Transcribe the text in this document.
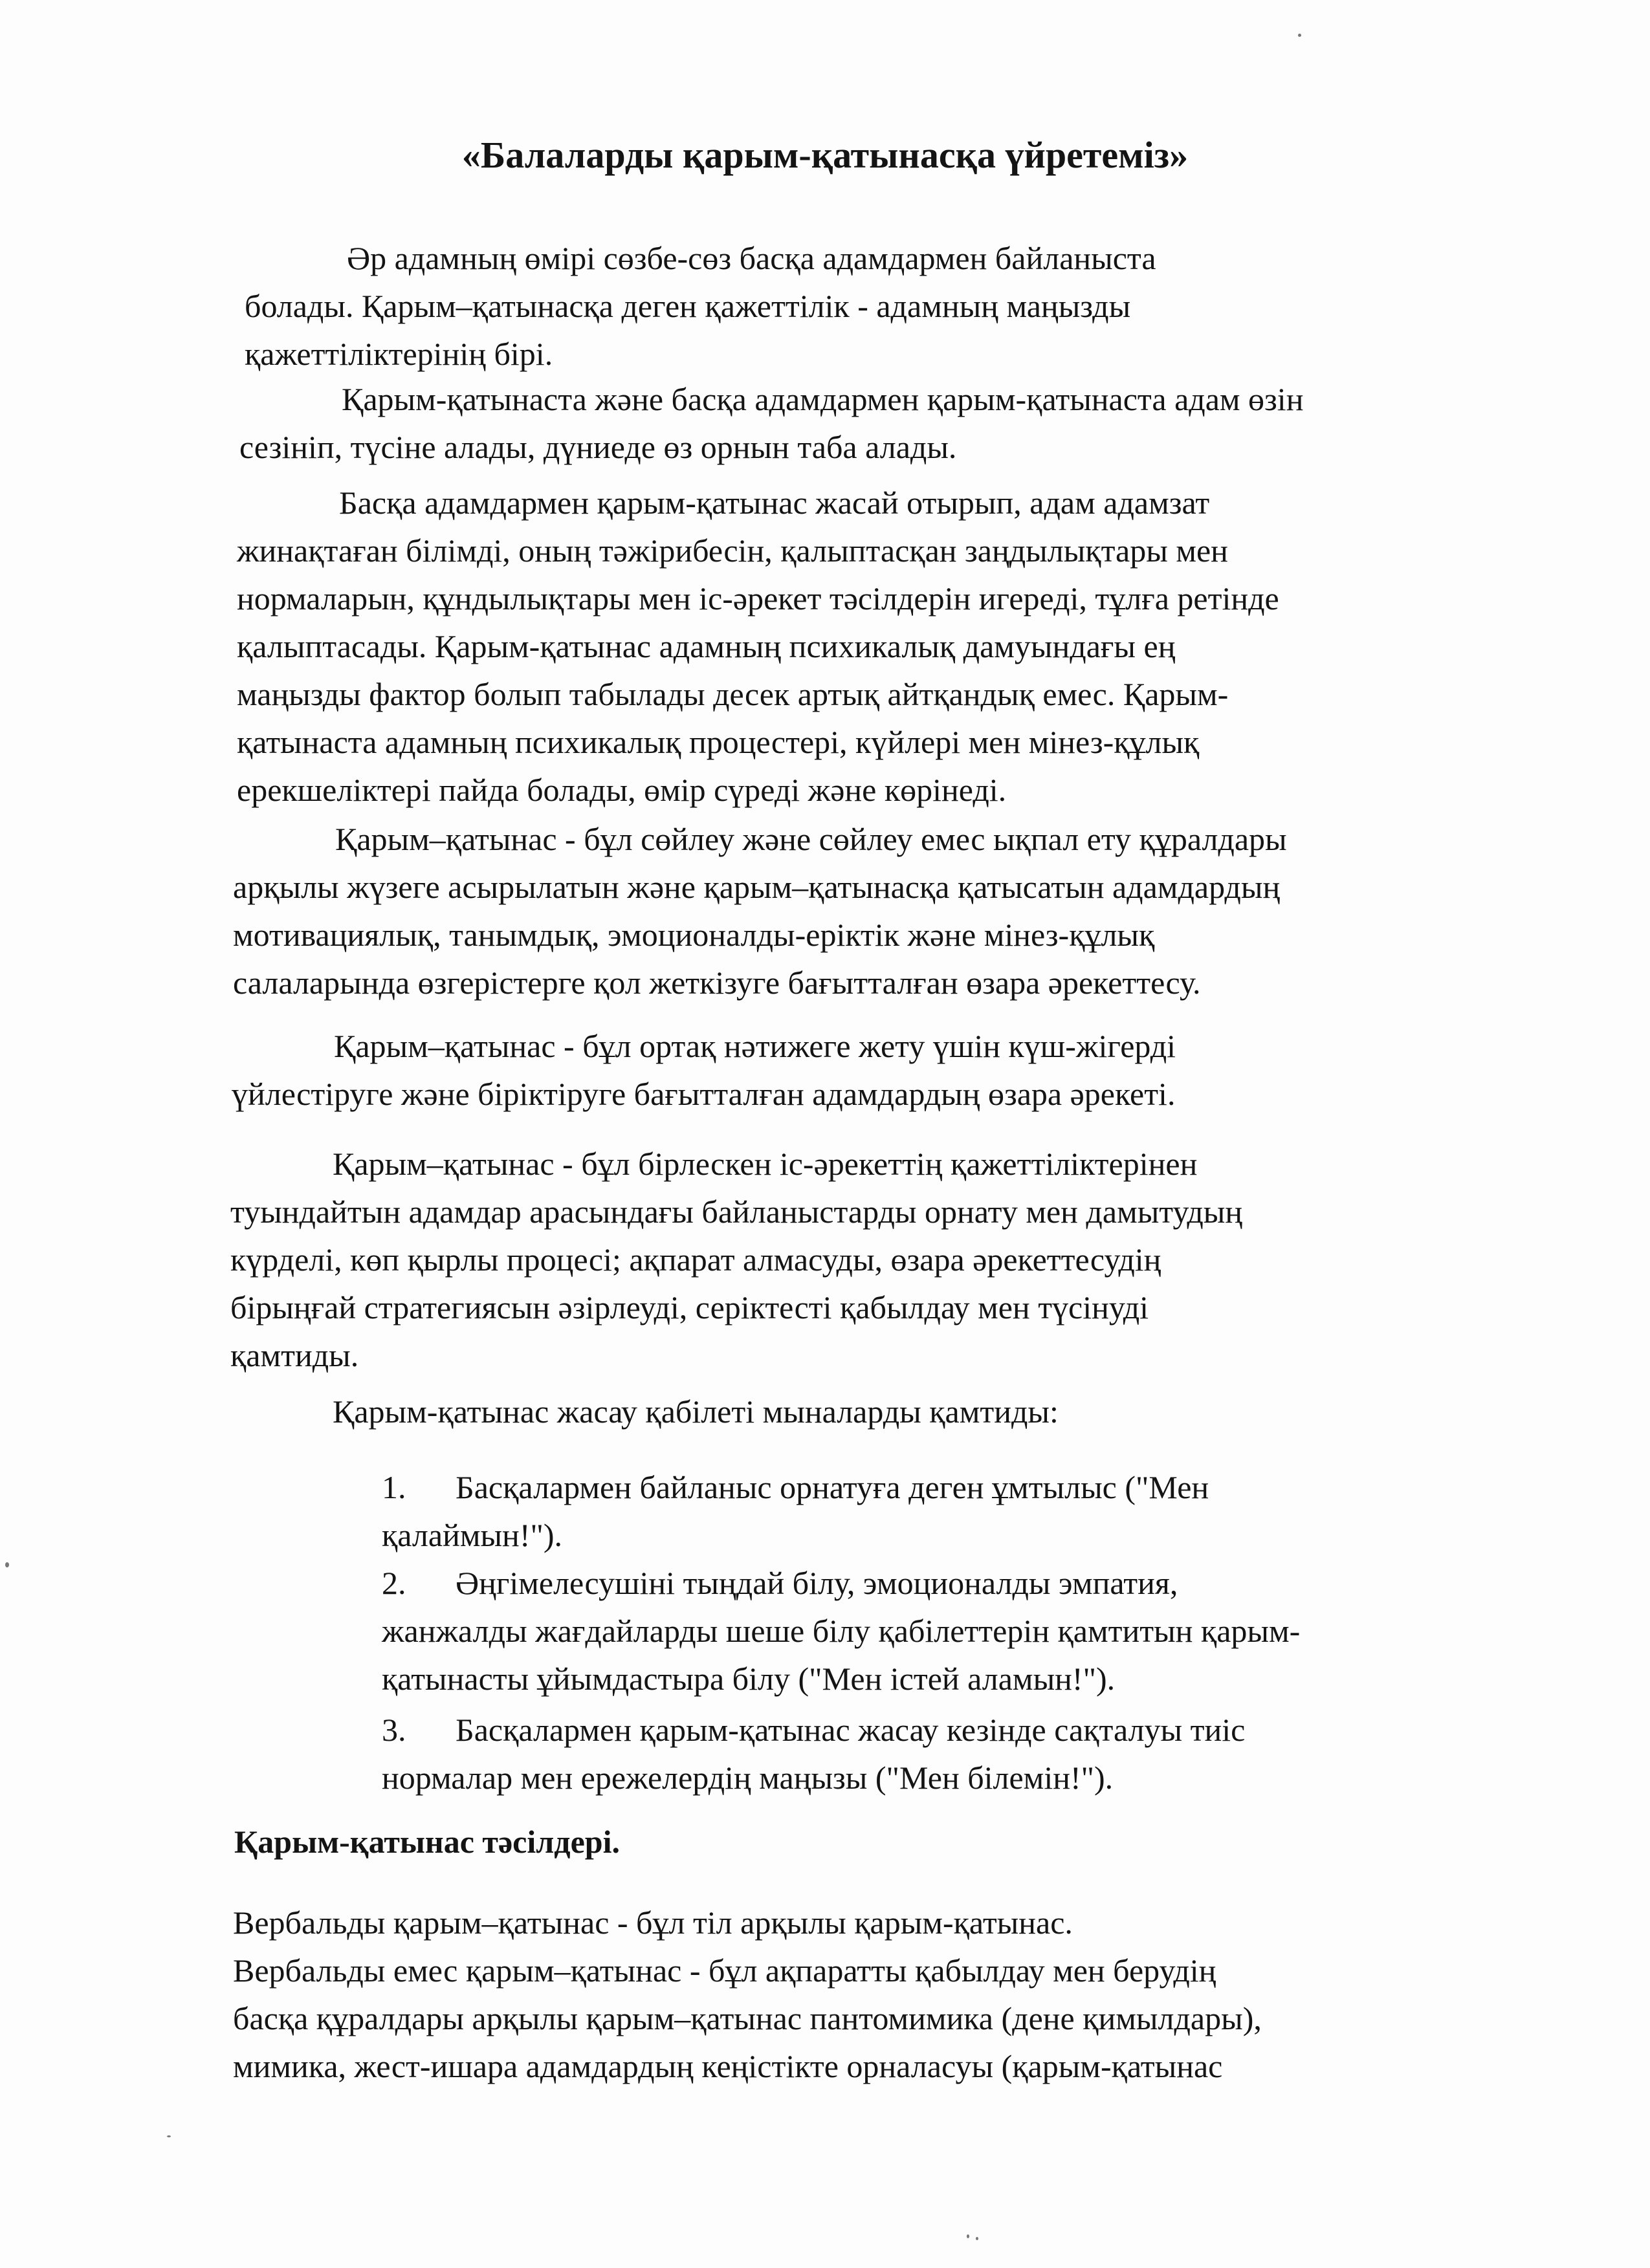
«Балаларды қарым-қатынасқа үйретеміз»

Әр адамның өмірі сөзбе-сөз басқа адамдармен байланыста
болады. Қарым–қатынасқа деген қажеттілік - адамның маңызды
қажеттіліктерінің бірі.

Қарым-қатынаста және басқа адамдармен қарым-қатынаста адам өзін
сезініп, түсіне алады, дүниеде өз орнын таба алады.

Басқа адамдармен қарым-қатынас жасай отырып, адам адамзат
жинақтаған білімді, оның тәжірибесін, қалыптасқан заңдылықтары мен
нормаларын, құндылықтары мен іс-әрекет тәсілдерін игереді, тұлға ретінде
қалыптасады. Қарым-қатынас адамның психикалық дамуындағы ең
маңызды фактор болып табылады десек артық айтқандық емес. Қарым-
қатынаста адамның психикалық процестері, күйлері мен мінез-құлық
ерекшеліктері пайда болады, өмір сүреді және көрінеді.

Қарым–қатынас - бұл сөйлеу және сөйлеу емес ықпал ету құралдары
арқылы жүзеге асырылатын және қарым–қатынасқа қатысатын адамдардың
мотивациялық, танымдық, эмоционалды-еріктік және мінез-құлық
салаларында өзгерістерге қол жеткізуге бағытталған өзара әрекеттесу.

Қарым–қатынас - бұл ортақ нәтижеге жету үшін күш-жігерді
үйлестіруге және біріктіруге бағытталған адамдардың өзара әрекеті.

Қарым–қатынас - бұл бірлескен іс-әрекеттің қажеттіліктерінен
туындайтын адамдар арасындағы байланыстарды орнату мен дамытудың
күрделі, көп қырлы процесі; ақпарат алмасуды, өзара әрекеттесудің
бірыңғай стратегиясын әзірлеуді, серіктесті қабылдау мен түсінуді
қамтиды.

Қарым-қатынас жасау қабілеті мыналарды қамтиды:

1. Басқалармен байланыс орнатуға деген ұмтылыс ("Мен
қалаймын!").
2. Әңгімелесушіні тыңдай білу, эмоционалды эмпатия,
жанжалды жағдайларды шеше білу қабілеттерін қамтитын қарым-
қатынасты ұйымдастыра білу ("Мен істей аламын!").
3. Басқалармен қарым-қатынас жасау кезінде сақталуы тиіс
нормалар мен ережелердің маңызы ("Мен білемін!").
Қарым-қатынас тәсілдері.

Вербальды қарым–қатынас - бұл тіл арқылы қарым-қатынас.
Вербальды емес қарым–қатынас - бұл ақпаратты қабылдау мен берудің
басқа құралдары арқылы қарым–қатынас пантомимика (дене қимылдары),
мимика, жест-ишара адамдардың кеңістікте орналасуы (қарым-қатынас
